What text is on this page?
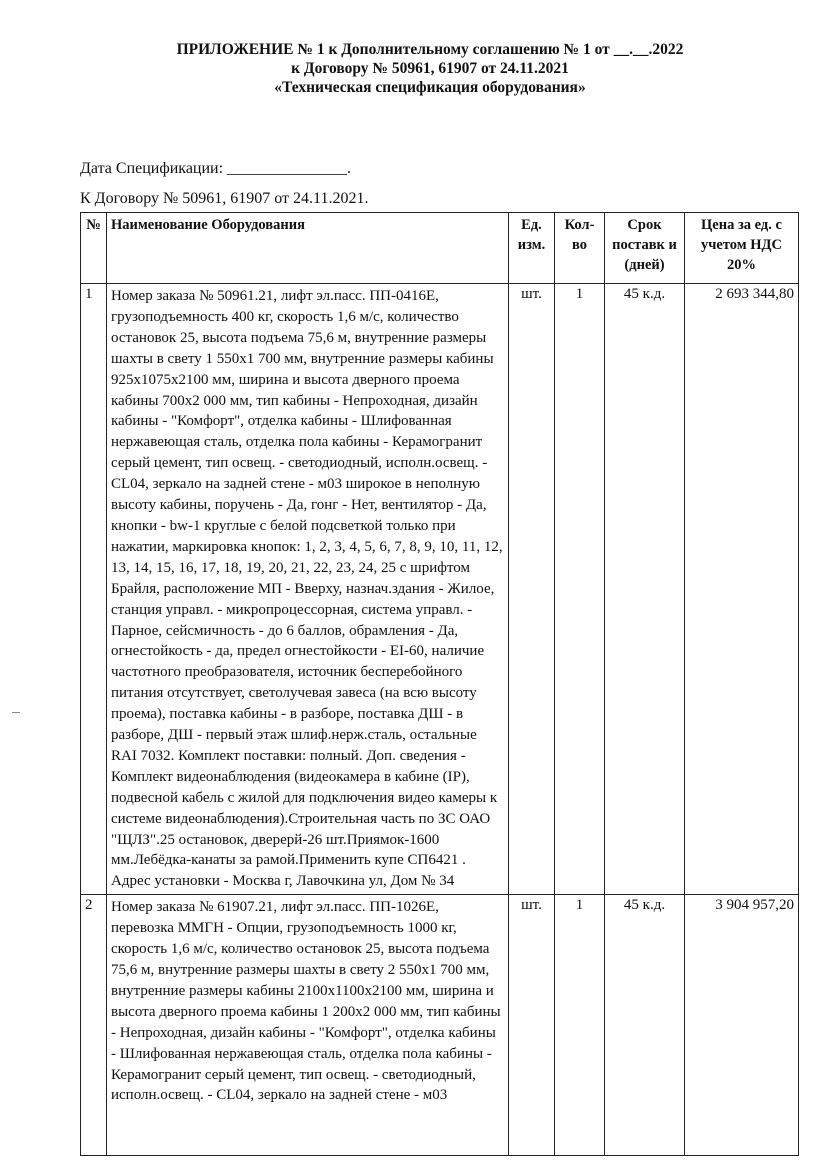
ПРИЛОЖЕНИЕ № 1 к Дополнительному соглашению № 1 от __.__.2022
к Договору № 50961, 61907 от 24.11.2021
«Техническая спецификация оборудования»
Дата Спецификации: _______________.
К Договору № 50961, 61907 от 24.11.2021.
№	Наименование Оборудования	Ед. изм.	Кол-во	Срок поставк и (дней)	Цена за ед. с учетом НДС 20%
1	Номер заказа № 50961.21, лифт эл.пасс. ПП-0416Е, грузоподъемность 400 кг, скорость 1,6 м/с, количество остановок 25, высота подъема 75,6 м, внутренние размеры шахты в свету 1 550х1 700 мм, внутренние размеры кабины 925х1075х2100 мм, ширина и высота дверного проема кабины 700х2 000 мм, тип кабины - Непроходная, дизайн кабины - "Комфорт", отделка кабины - Шлифованная нержавеющая сталь, отделка пола кабины - Керамогранит серый цемент, тип освещ. - светодиодный, исполн.освещ. - CL04, зеркало на задней стене - м03 широкое в неполную высоту кабины, поручень - Да, гонг - Нет, вентилятор - Да, кнопки - bw-1 круглые с белой подсветкой только при нажатии, маркировка кнопок: 1, 2, 3, 4, 5, 6, 7, 8, 9, 10, 11, 12, 13, 14, 15, 16, 17, 18, 19, 20, 21, 22, 23, 24, 25 с шрифтом Брайля, расположение МП - Вверху, назнач.здания - Жилое, станция управл. - микропроцессорная, система управл. - Парное, сейсмичность - до 6 баллов, обрамления - Да, огнестойкость - да, предел огнестойкости - EI-60, наличие частотного преобразователя, источник бесперебойного питания отсутствует, светолучевая завеса (на всю высоту проема), поставка кабины - в разборе, поставка ДШ - в разборе, ДШ - первый этаж шлиф.нерж.сталь, остальные RAI 7032. Комплект поставки: полный. Доп. сведения - Комплект видеонаблюдения (видеокамера в кабине (IP), подвесной кабель с жилой для подключения видео камеры к системе видеонаблюдения).Строительная часть по ЗС ОАО "ЩЛЗ".25 остановок, дверерй-26 шт.Приямок-1600 мм.Лебёдка-канаты за рамой.Применить купе СП6421 . Адрес установки - Москва г, Лавочкина ул, Дом № 34	шт.	1	45 к.д.	2 693 344,80
2	Номер заказа № 61907.21, лифт эл.пасс. ПП-1026Е, перевозка ММГН - Опции, грузоподъемность 1000 кг, скорость 1,6 м/с, количество остановок 25, высота подъема 75,6 м, внутренние размеры шахты в свету 2 550х1 700 мм, внутренние размеры кабины 2100х1100х2100 мм, ширина и высота дверного проема кабины 1 200х2 000 мм, тип кабины - Непроходная, дизайн кабины - "Комфорт", отделка кабины - Шлифованная нержавеющая сталь, отделка пола кабины - Керамогранит серый цемент, тип освещ. - светодиодный, исполн.освещ. - CL04, зеркало на задней стене - м03	шт.	1	45 к.д.	3 904 957,20
